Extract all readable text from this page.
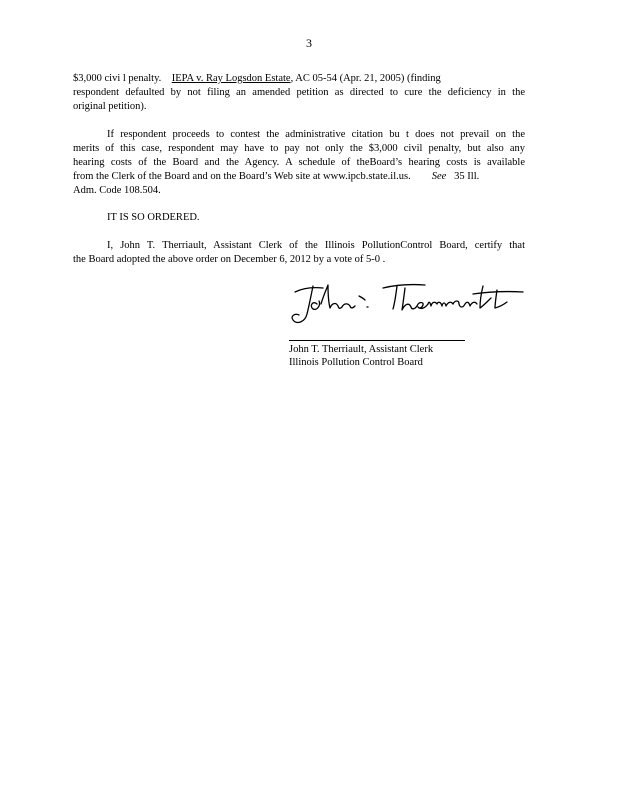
3
$3,000 civi l penalty. IEPA v. Ray Logsdon Estate, AC 05-54 (Apr. 21, 2005) (finding
respondent defaulted by not filing an amended petition as directed to cure the deficiency in the
original petition).
If respondent proceeds to contest the administrative citation bu t does not prevail on the
merits of this case, respondent may have to pay not only the $3,000 civil penalty, but also any
hearing costs of the Board and the Agency. A schedule of theBoard’s hearing costs is available
from the Clerk of the Board and on the Board’s Web site at www.ipcb.state.il.us. See 35 Ill.
Adm. Code 108.504.
IT IS SO ORDERED.
I, John T. Therriault, Assistant Clerk of the Illinois PollutionControl Board, certify that
the Board adopted the above order on December 6, 2012 by a vote of 5-0 .
John T. Therriault, Assistant Clerk
Illinois Pollution Control Board
